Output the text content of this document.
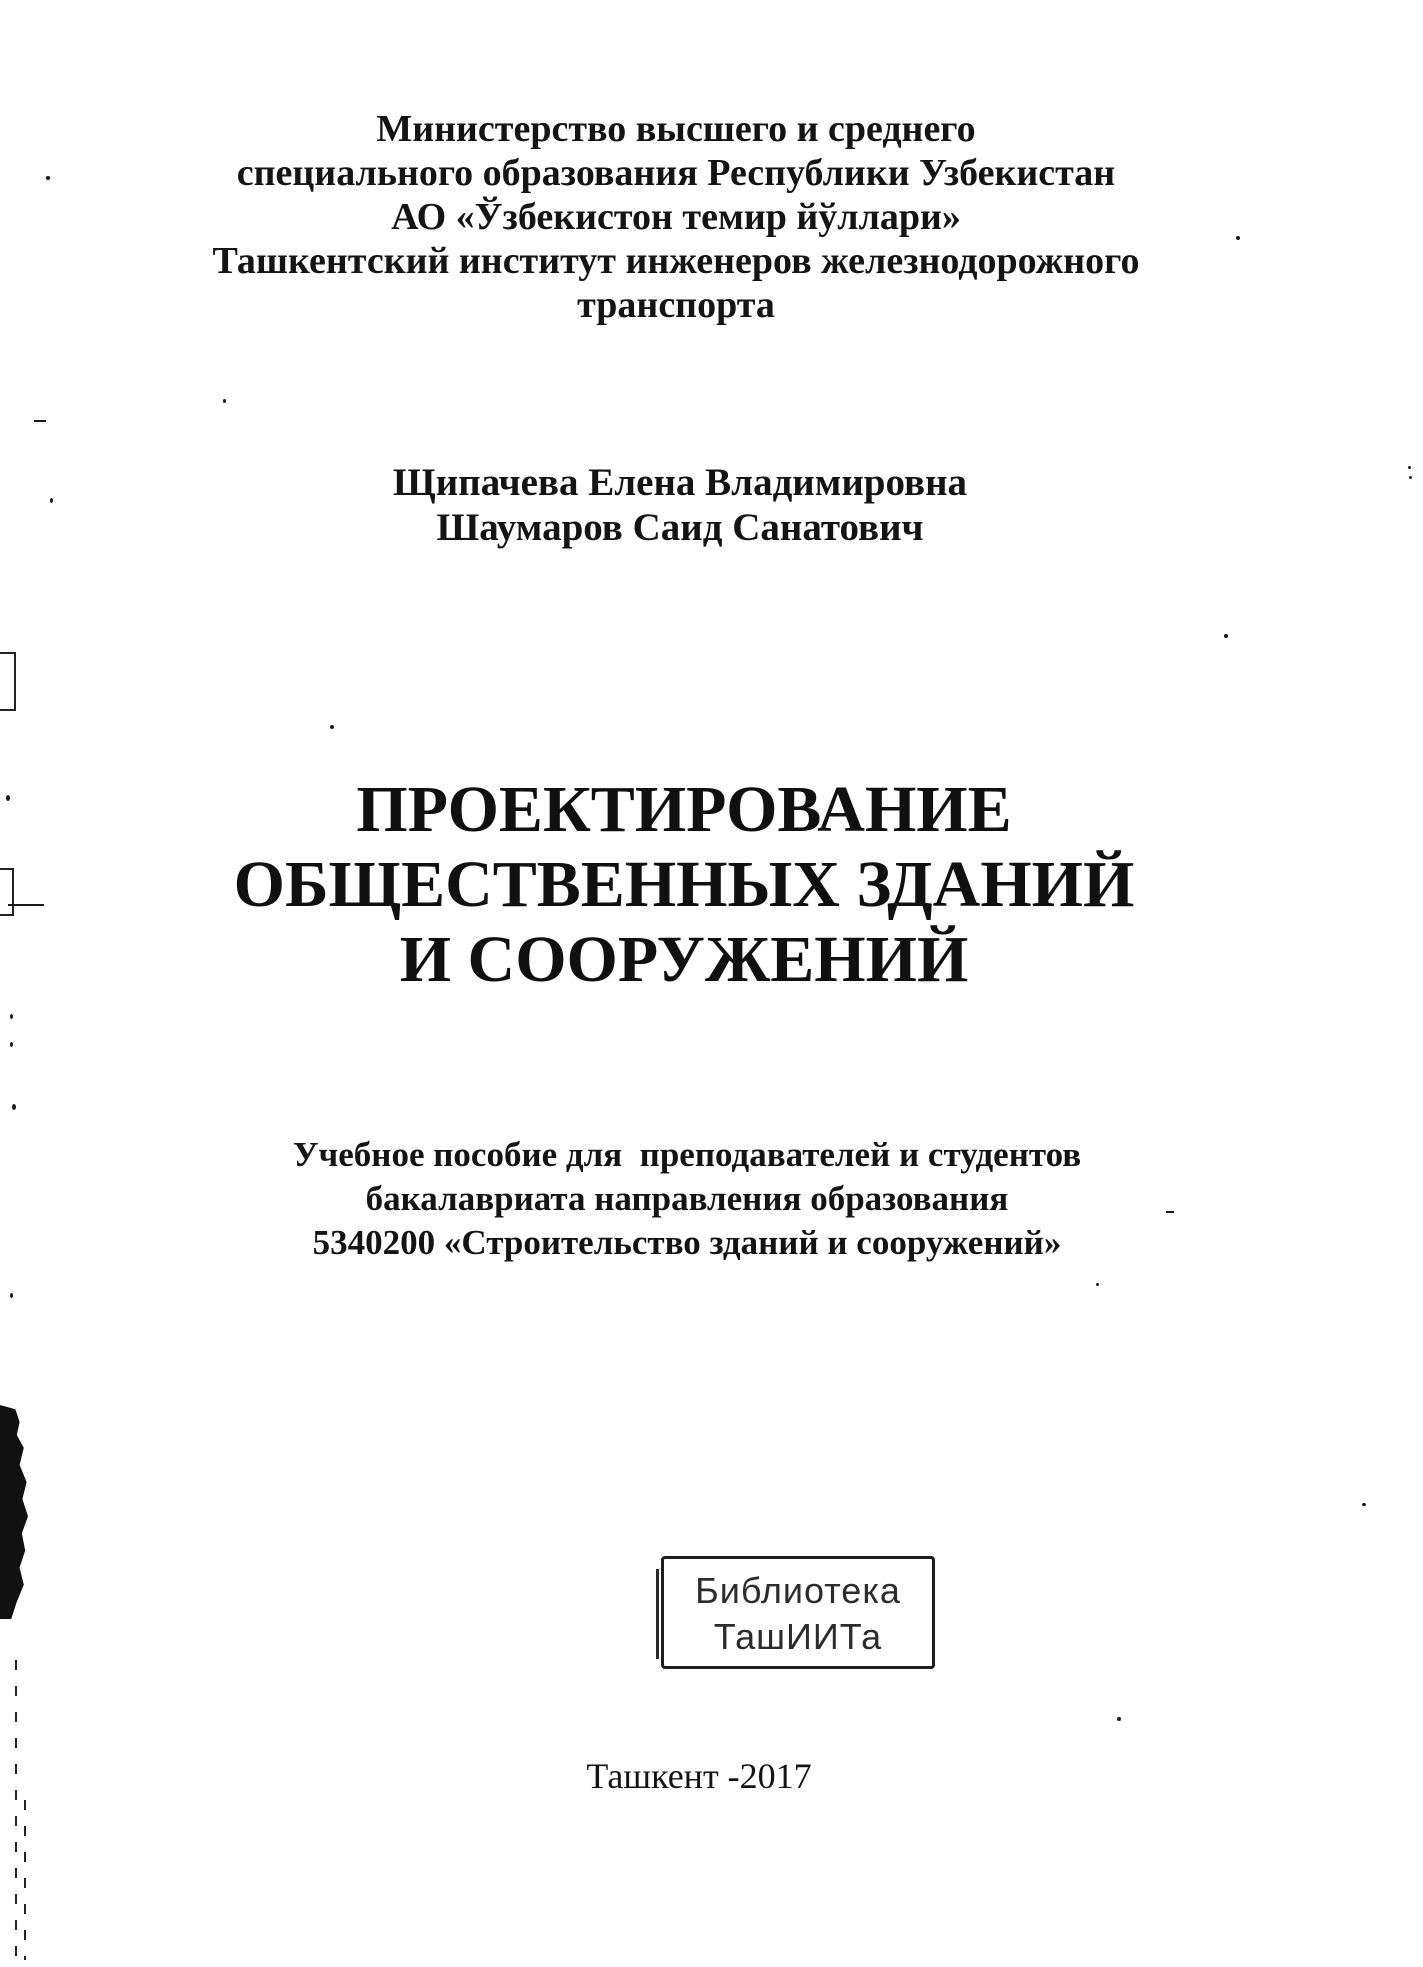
Министерство высшего и среднего
специального образования Республики Узбекистан
АО «Ўзбекистон темир йўллари»
Ташкентский институт инженеров железнодорожного
транспорта
Щипачева Елена Владимировна
Шаумаров Саид Санатович
ПРОЕКТИРОВАНИЕ
ОБЩЕСТВЕННЫХ ЗДАНИЙ
И СООРУЖЕНИЙ
Учебное пособие для  преподавателей и студентов
бакалавриата направления образования
5340200 «Строительство зданий и сооружений»
Библиотека
ТашИИТа
Ташкент -2017
